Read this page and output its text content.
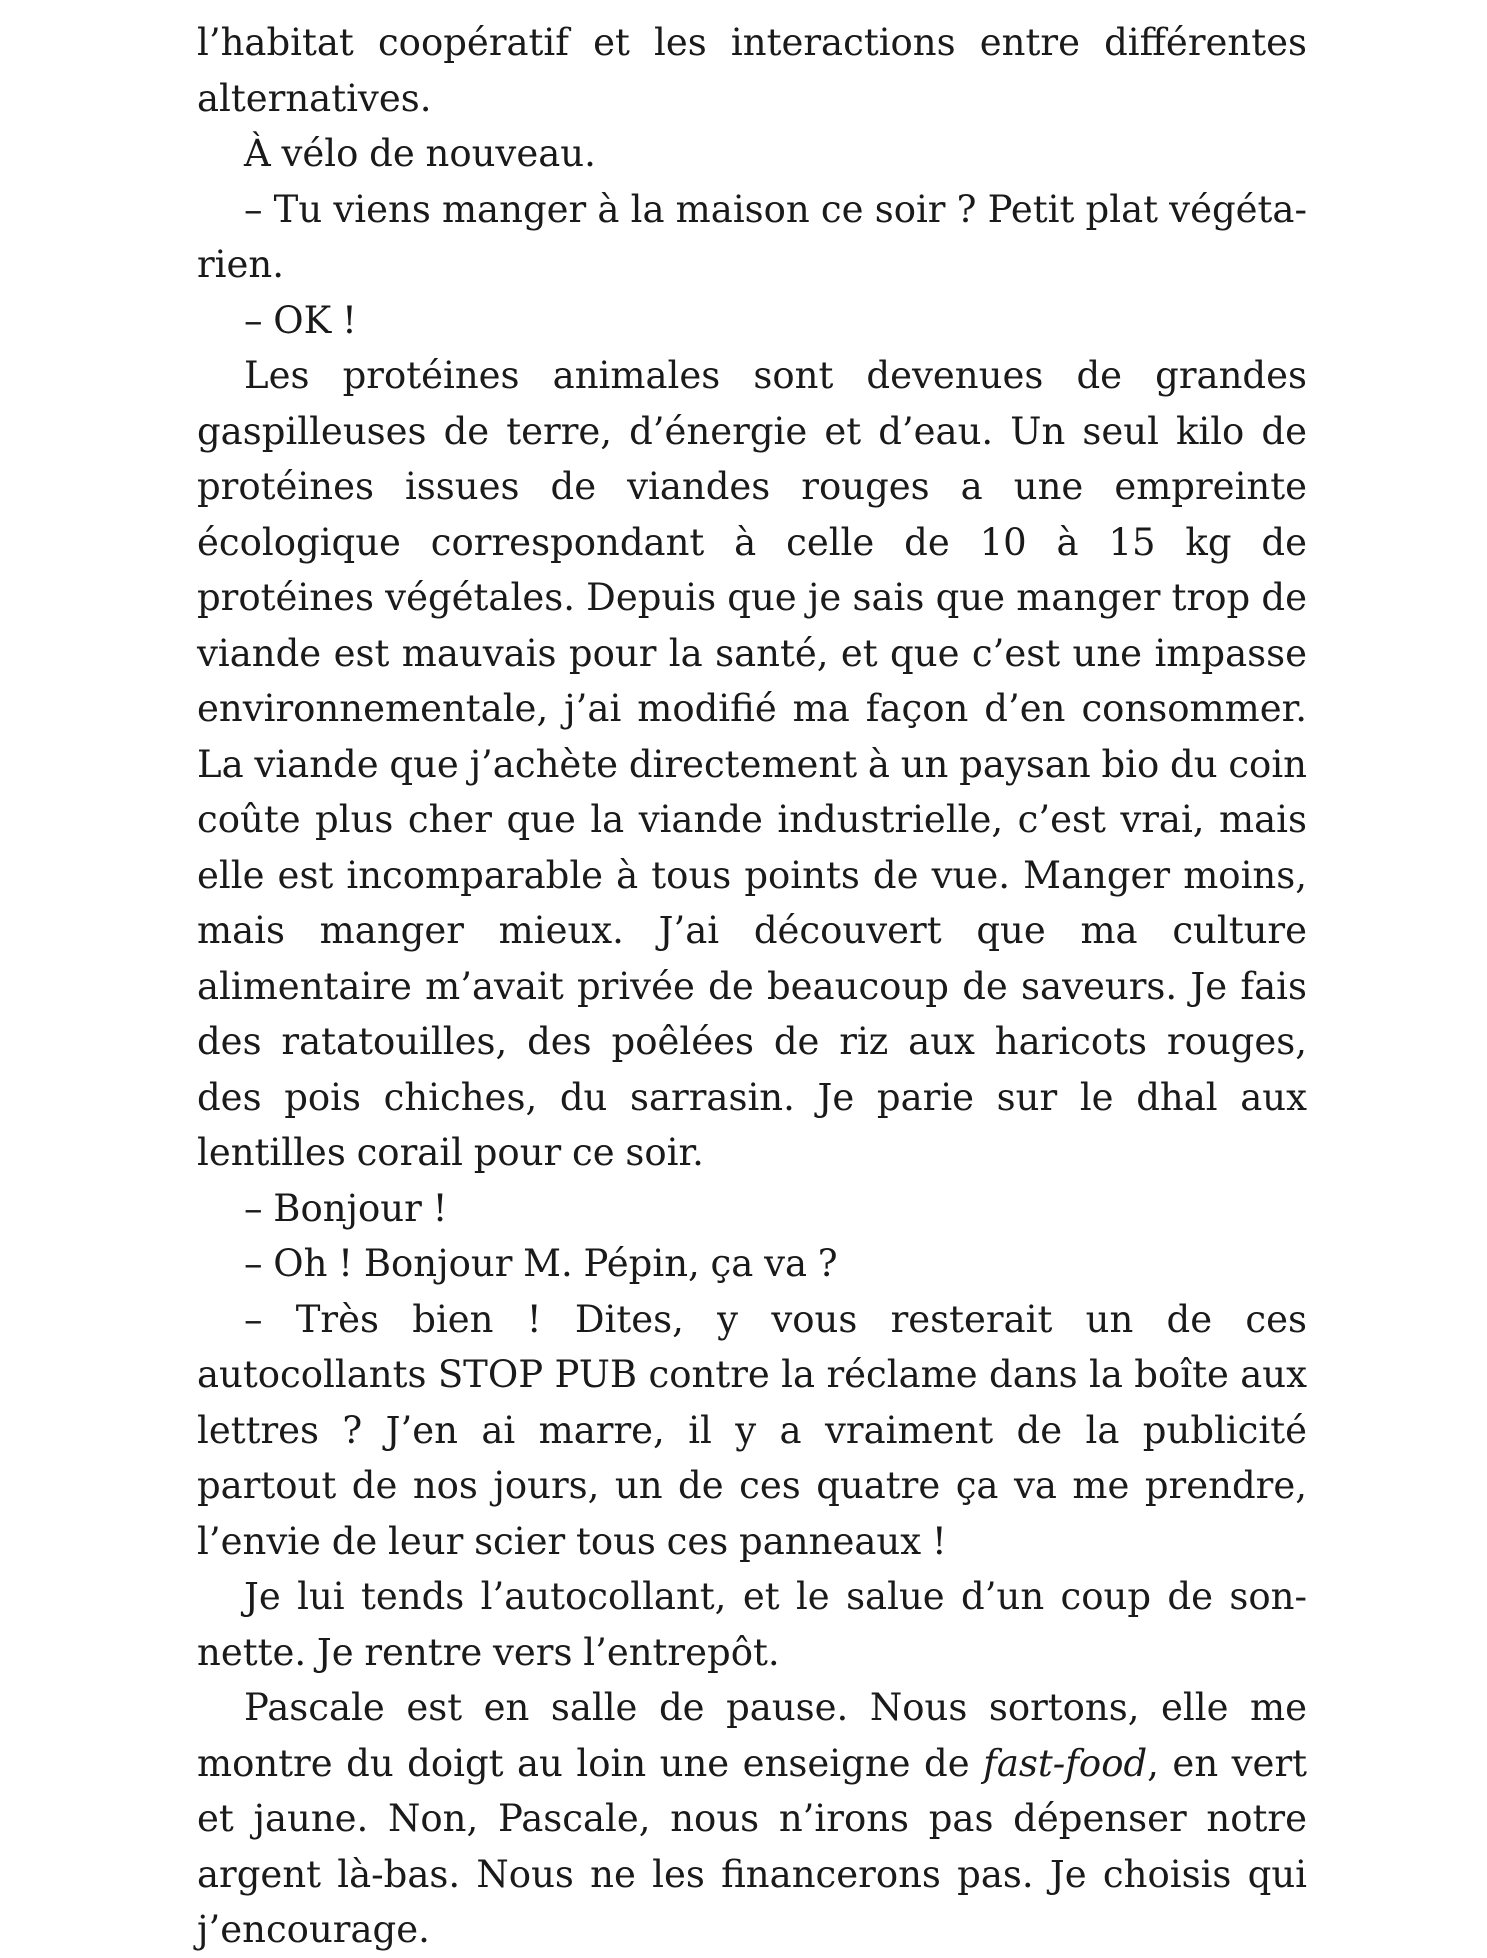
l’habitat coopératif et les interactions entre différentes alternatives.

À vélo de nouveau.

– Tu viens manger à la maison ce soir ? Petit plat végétarien.

– OK !

Les protéines animales sont devenues de grandes gaspilleuses de terre, d’énergie et d’eau. Un seul kilo de protéines issues de viandes rouges a une empreinte écologique correspondant à celle de 10 à 15 kg de protéines végétales. Depuis que je sais que manger trop de viande est mauvais pour la santé, et que c’est une impasse environnementale, j’ai modifié ma façon d’en consommer. La viande que j’achète directement à un paysan bio du coin coûte plus cher que la viande industrielle, c’est vrai, mais elle est incomparable à tous points de vue. Manger moins, mais manger mieux. J’ai découvert que ma culture alimentaire m’avait privée de beaucoup de saveurs. Je fais des ratatouilles, des poêlées de riz aux haricots rouges, des pois chiches, du sarrasin. Je parie sur le dhal aux lentilles corail pour ce soir.

– Bonjour !

– Oh ! Bonjour M. Pépin, ça va ?

– Très bien ! Dites, y vous resterait un de ces autocollants STOP PUB contre la réclame dans la boîte aux lettres ? J’en ai marre, il y a vraiment de la publicité partout de nos jours, un de ces quatre ça va me prendre, l’envie de leur scier tous ces panneaux !

Je lui tends l’autocollant, et le salue d’un coup de sonnette. Je rentre vers l’entrepôt.

Pascale est en salle de pause. Nous sortons, elle me montre du doigt au loin une enseigne de fast-food, en vert et jaune. Non, Pascale, nous n’irons pas dépenser notre argent là-bas. Nous ne les financerons pas. Je choisis qui j’encourage.
